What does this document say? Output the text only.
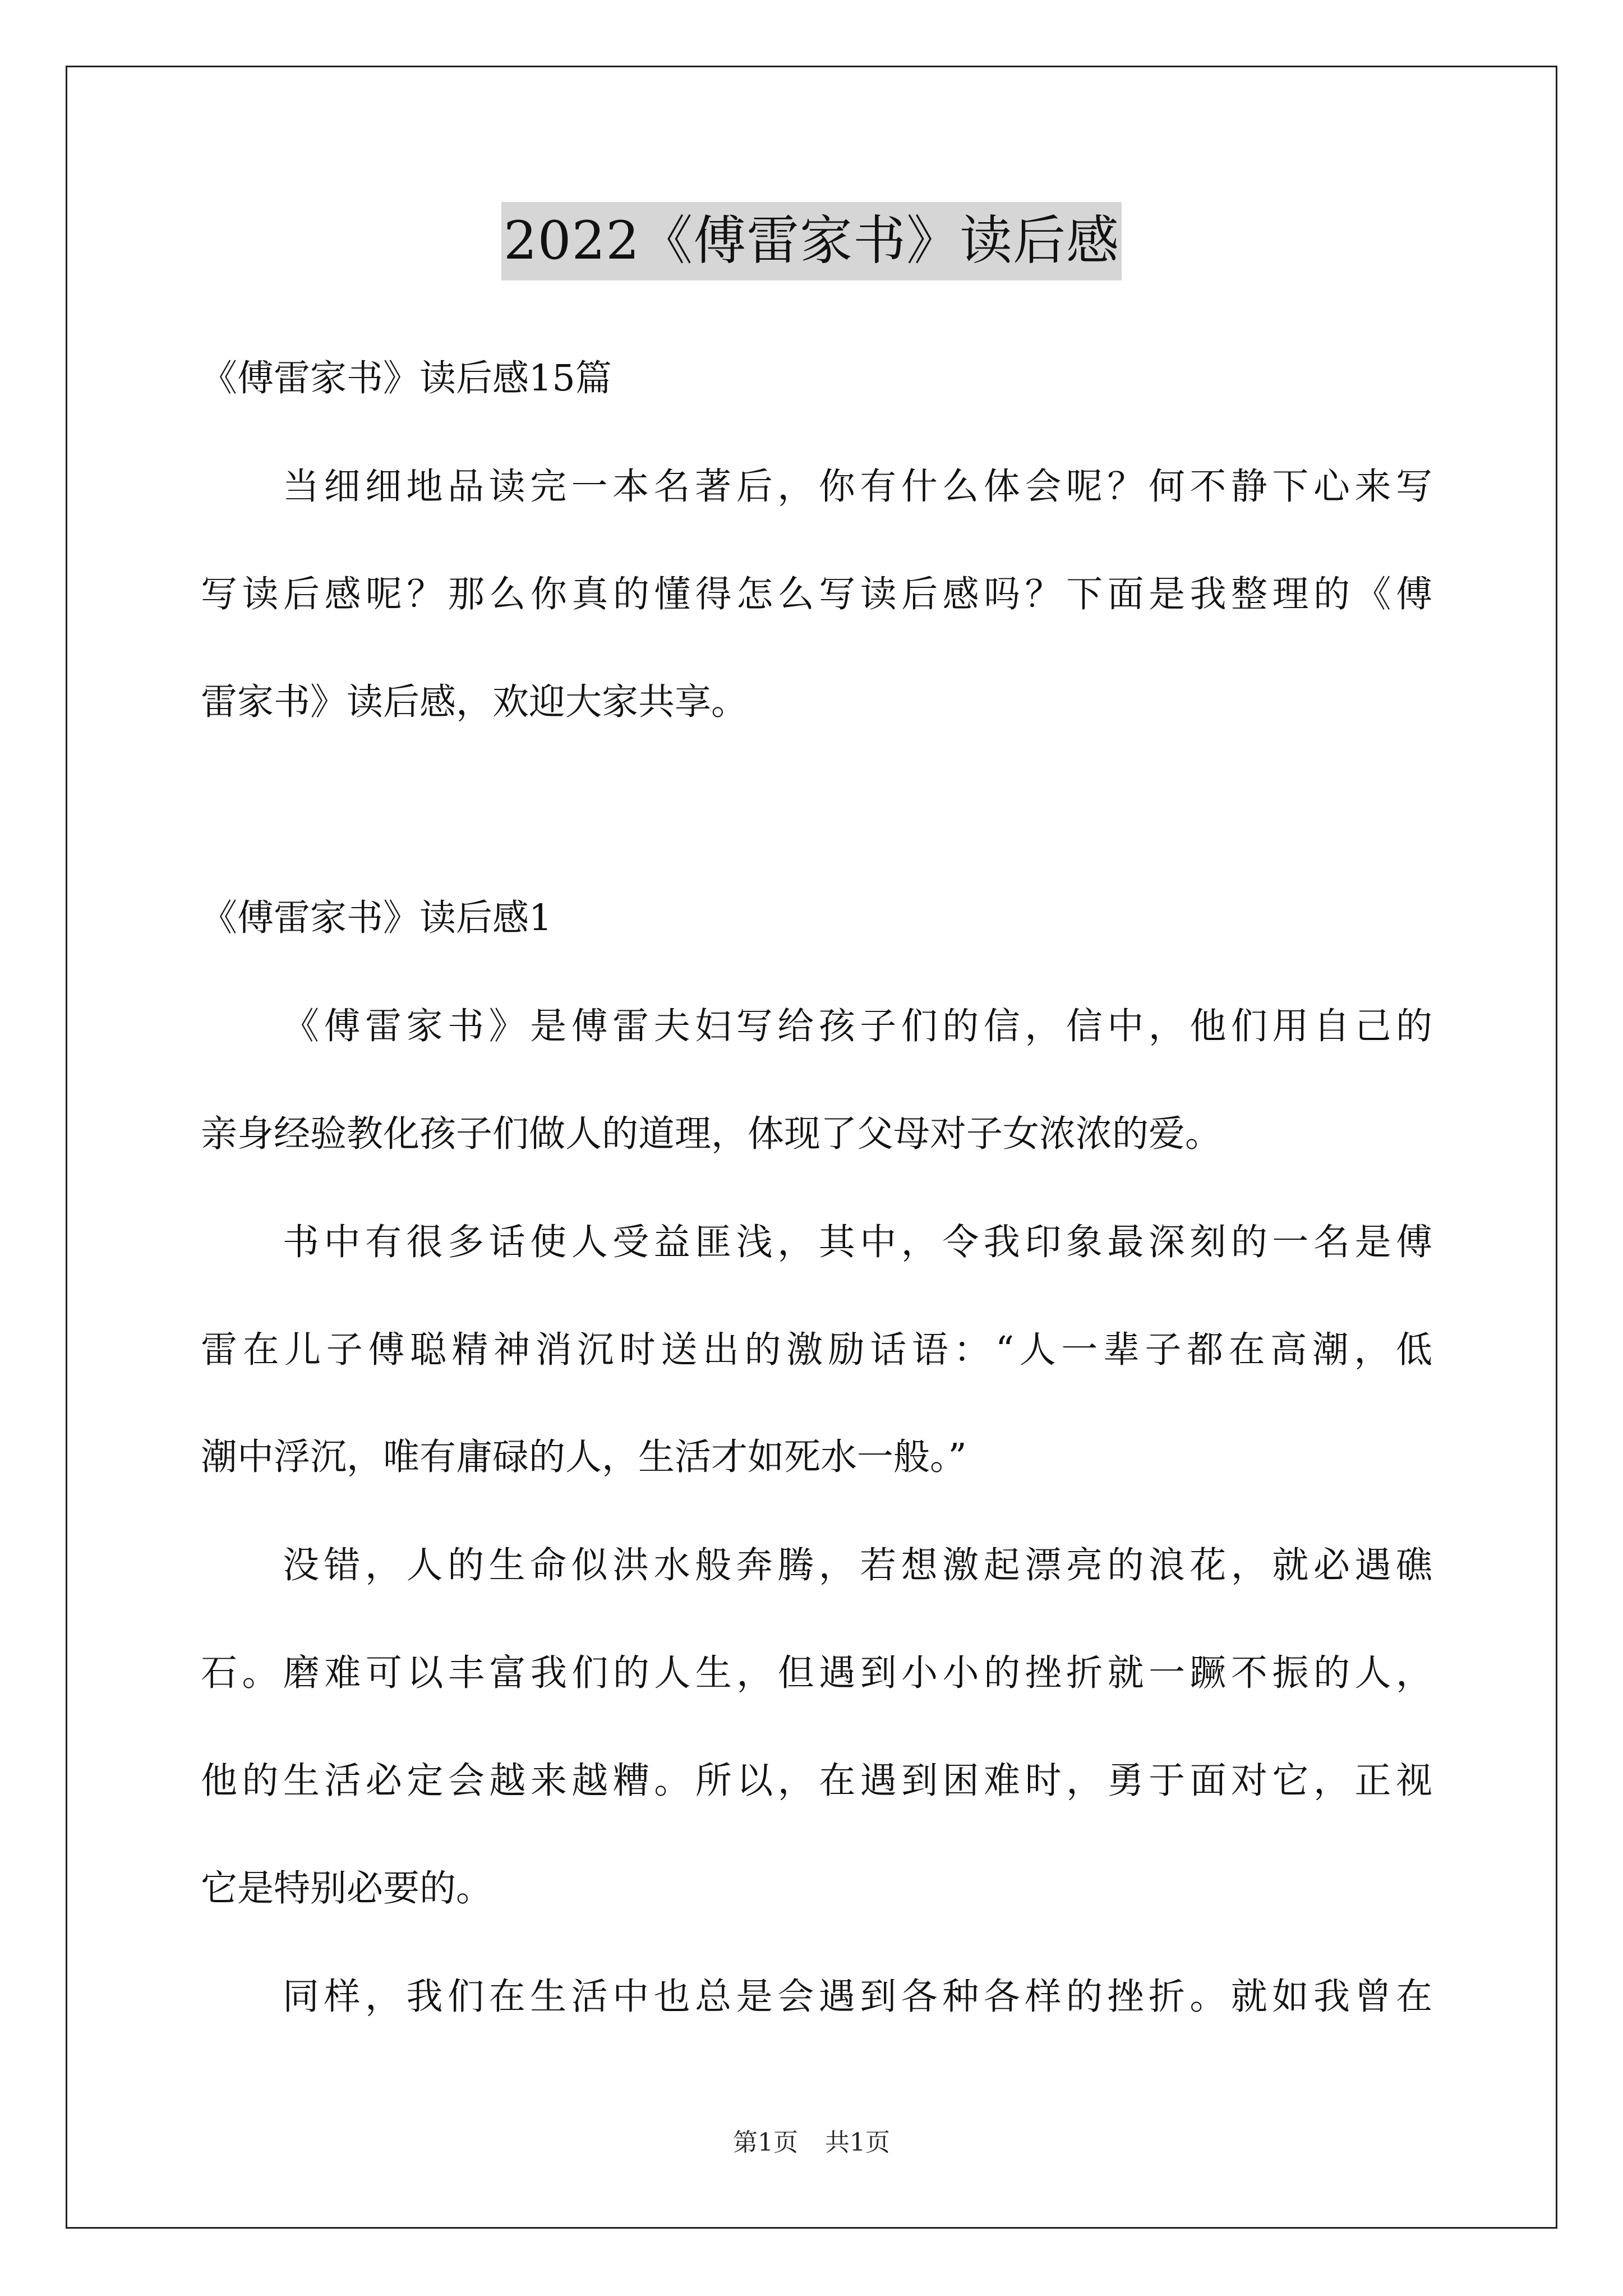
2022《傅雷家书》读后感
《傅雷家书》读后感15篇
当细细地品读完一本名著后，你有什么体会呢？何不静下心来写
写读后感呢？那么你真的懂得怎么写读后感吗？下面是我整理的《傅
雷家书》读后感，欢迎大家共享。
《傅雷家书》读后感1
《傅雷家书》是傅雷夫妇写给孩子们的信，信中，他们用自己的
亲身经验教化孩子们做人的道理，体现了父母对子女浓浓的爱。
书中有很多话使人受益匪浅，其中，令我印象最深刻的一名是傅
雷在儿子傅聪精神消沉时送出的激励话语：“人一辈子都在高潮，低
潮中浮沉，唯有庸碌的人，生活才如死水一般。”
没错，人的生命似洪水般奔腾，若想激起漂亮的浪花，就必遇礁
石。磨难可以丰富我们的人生，但遇到小小的挫折就一蹶不振的人，
他的生活必定会越来越糟。所以，在遇到困难时，勇于面对它，正视
它是特别必要的。
同样，我们在生活中也总是会遇到各种各样的挫折。就如我曾在
第1页 共1页
